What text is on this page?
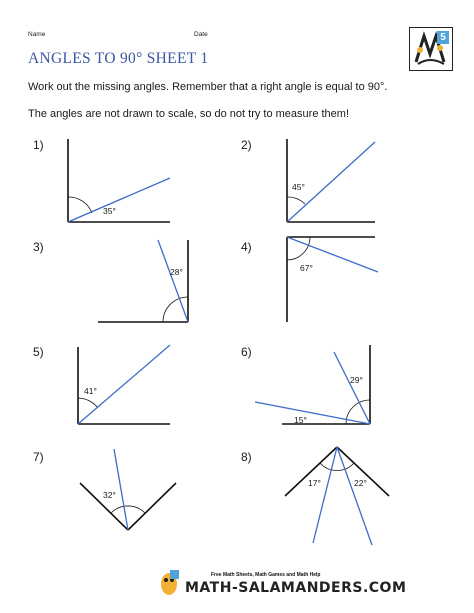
Name	Date	5
ANGLES TO 90° SHEET 1
Work out the missing angles. Remember that a right angle is equal to 90°.
The angles are not drawn to scale, so do not try to measure them!
1)	2)
3)	4)
5)	6)
7)	8)
35°
45°
28°	67°
41°
29°
15°
32°
17°	22°
Free Math Sheets, Math Games and Math Help
MATH-SALAMANDERS.COM
